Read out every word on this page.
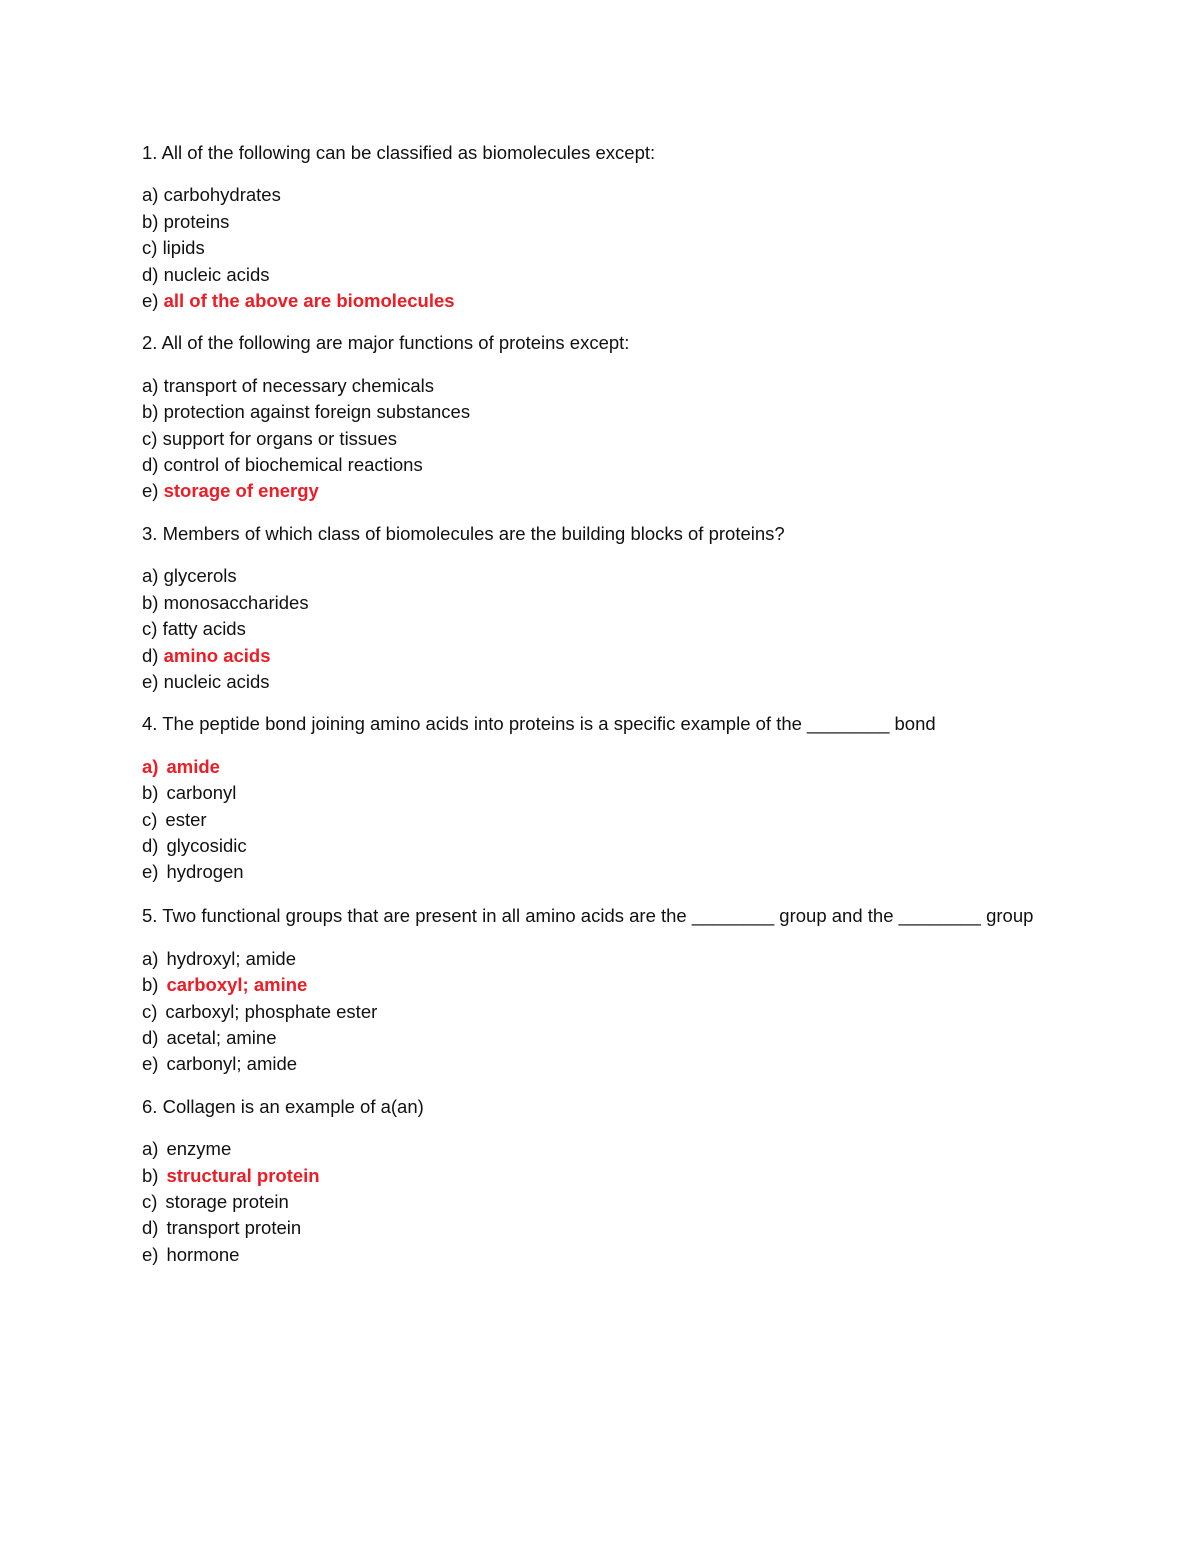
1. All of the following can be classified as biomolecules except:

a) carbohydrates
b) proteins
c) lipids
d) nucleic acids
e) all of the above are biomolecules

2. All of the following are major functions of proteins except:

a) transport of necessary chemicals
b) protection against foreign substances
c) support for organs or tissues
d) control of biochemical reactions
e) storage of energy

3. Members of which class of biomolecules are the building blocks of proteins?

a) glycerols
b) monosaccharides
c) fatty acids
d) amino acids
e) nucleic acids

4. The peptide bond joining amino acids into proteins is a specific example of the ________ bond

a) amide
b) carbonyl
c) ester
d) glycosidic
e) hydrogen

5. Two functional groups that are present in all amino acids are the ________ group and the ________ group

a) hydroxyl; amide
b) carboxyl; amine
c) carboxyl; phosphate ester
d) acetal; amine
e) carbonyl; amide

6. Collagen is an example of a(an)

a) enzyme
b) structural protein
c) storage protein
d) transport protein
e) hormone
